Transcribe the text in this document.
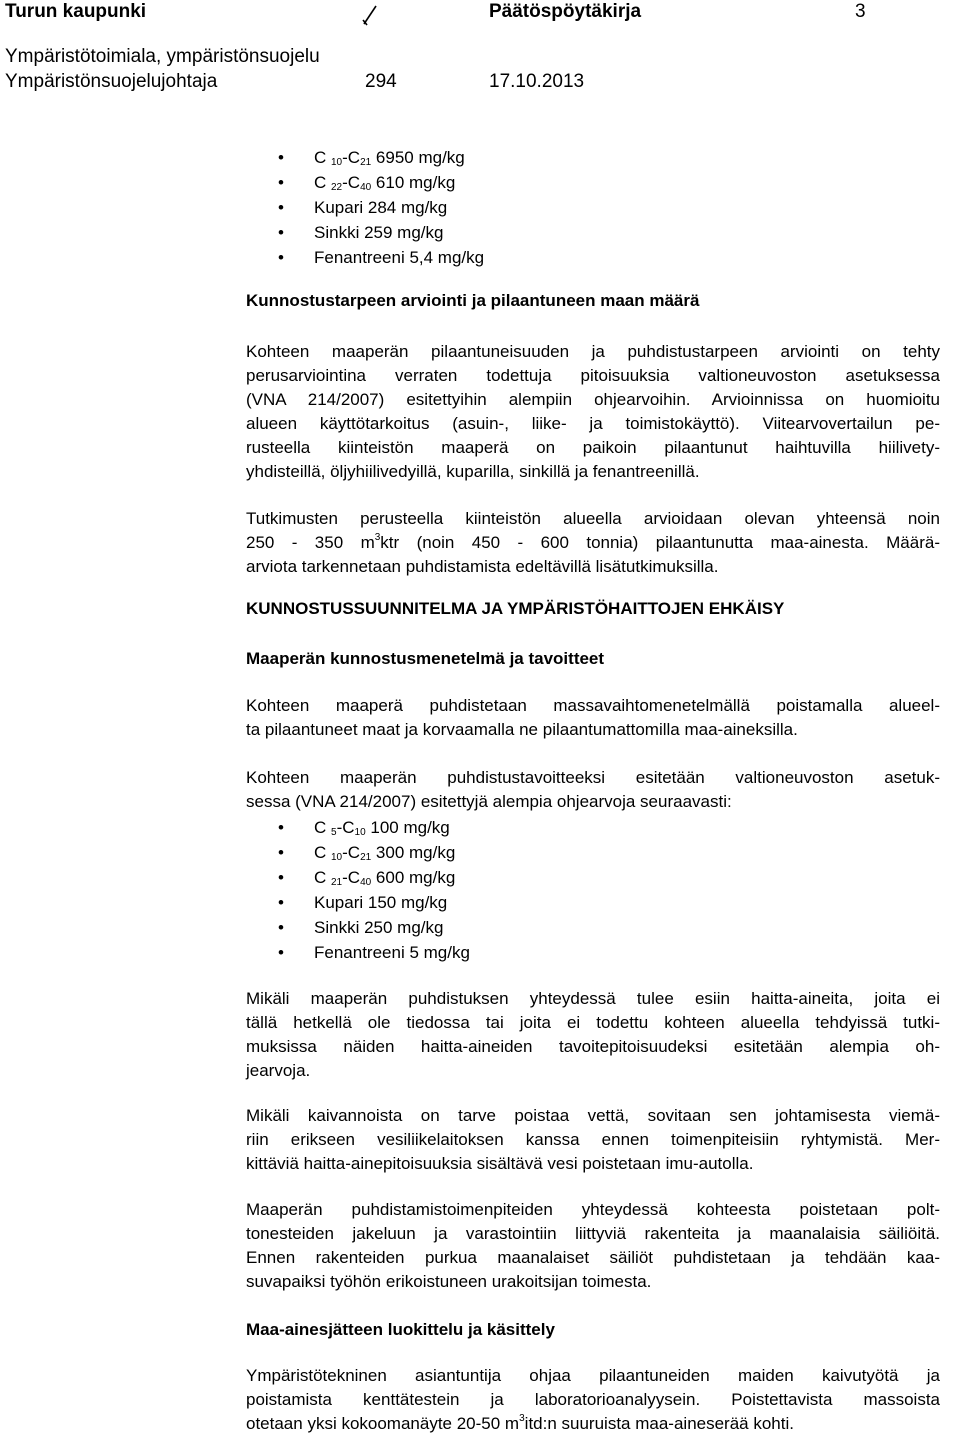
Turun kaupunki	Päätöspöytäkirja	3
Ympäristötoimiala, ympäristönsuojelu
Ympäristönsuojelujohtaja	294	17.10.2013
• C $_{10}-C_{21}$ 6950 mg/kg
• C $_{22}-C_{40}$ 610 mg/kg
• Kupari 284 mg/kg
• Sinkki 259 mg/kg
• Fenantreeni 5,4 mg/kg
Kunnostustarpeen arviointi ja pilaantuneen maan määrä
Kohteen maaperän pilaantuneisuuden ja puhdistustarpeen arviointi on tehty
perusarviointina verraten todettuja pitoisuuksia valtioneuvoston asetuksessa
(VNA 214/2007) esitettyihin alempiin ohjearvoihin. Arvioinnissa on huomioitu
alueen käyttötarkoitus (asuin-, liike- ja toimistokäyttö). Viitearvovertailun pe-
rusteella kiinteistön maaperä on paikoin pilaantunut haihtuvilla hiilivety-
yhdisteillä, öljyhiilivedyillä, kuparilla, sinkillä ja fenantreenillä.
Tutkimusten perusteella kiinteistön alueella arvioidaan olevan yhteensä noin
250 - 350 $m^3ktr$ (noin 450 - 600 tonnia) pilaantunutta maa-ainesta. Määrä-
arviota tarkennetaan puhdistamista edeltävillä lisätutkimuksilla.
KUNNOSTUSSUUNNITELMA JA YMPÄRISTÖHAITTOJEN EHKÄISY
Maaperän kunnostusmenetelmä ja tavoitteet
Kohteen maaperä puhdistetaan massavaihtomenetelmällä poistamalla alueel-
ta pilaantuneet maat ja korvaamalla ne pilaantumattomilla maa-aineksilla.
Kohteen maaperän puhdistustavoitteeksi esitetään valtioneuvoston asetuk-
sessa (VNA 214/2007) esitettyjä alempia ohjearvoja seuraavasti:
• C $_5-C_{10}$ 100 mg/kg
• C $_{10}-C_{21}$ 300 mg/kg
• C $_{21}-C_{40}$ 600 mg/kg
• Kupari 150 mg/kg
• Sinkki 250 mg/kg
• Fenantreeni 5 mg/kg
Mikäli maaperän puhdistuksen yhteydessä tulee esiin haitta-aineita, joita ei
tällä hetkellä ole tiedossa tai joita ei todettu kohteen alueella tehdyissä tutki-
muksissa näiden haitta-aineiden tavoitepitoisuudeksi esitetään alempia oh-
jearvoja.
Mikäli kaivannoista on tarve poistaa vettä, sovitaan sen johtamisesta viemä-
riin erikseen vesiliikelaitoksen kanssa ennen toimenpiteisiin ryhtymistä. Mer-
kittäviä haitta-ainepitoisuuksia sisältävä vesi poistetaan imu-autolla.
Maaperän puhdistamistoimenpiteiden yhteydessä kohteesta poistetaan polt-
tonesteiden jakeluun ja varastointiin liittyviä rakenteita ja maanalaisia säiliöitä.
Ennen rakenteiden purkua maanalaiset säiliöt puhdistetaan ja tehdään kaa-
suvapaiksi työhön erikoistuneen urakoitsijan toimesta.
Maa-ainesjätteen luokittelu ja käsittely
Ympäristötekninen asiantuntija ohjaa pilaantuneiden maiden kaivutyötä ja
poistamista kenttätestein ja laboratorioanalyysein. Poistettavista massoista
otetaan yksi kokoomanäyte 20-50 $m^3itd:n$ suuruista maa-aineserää kohti.
